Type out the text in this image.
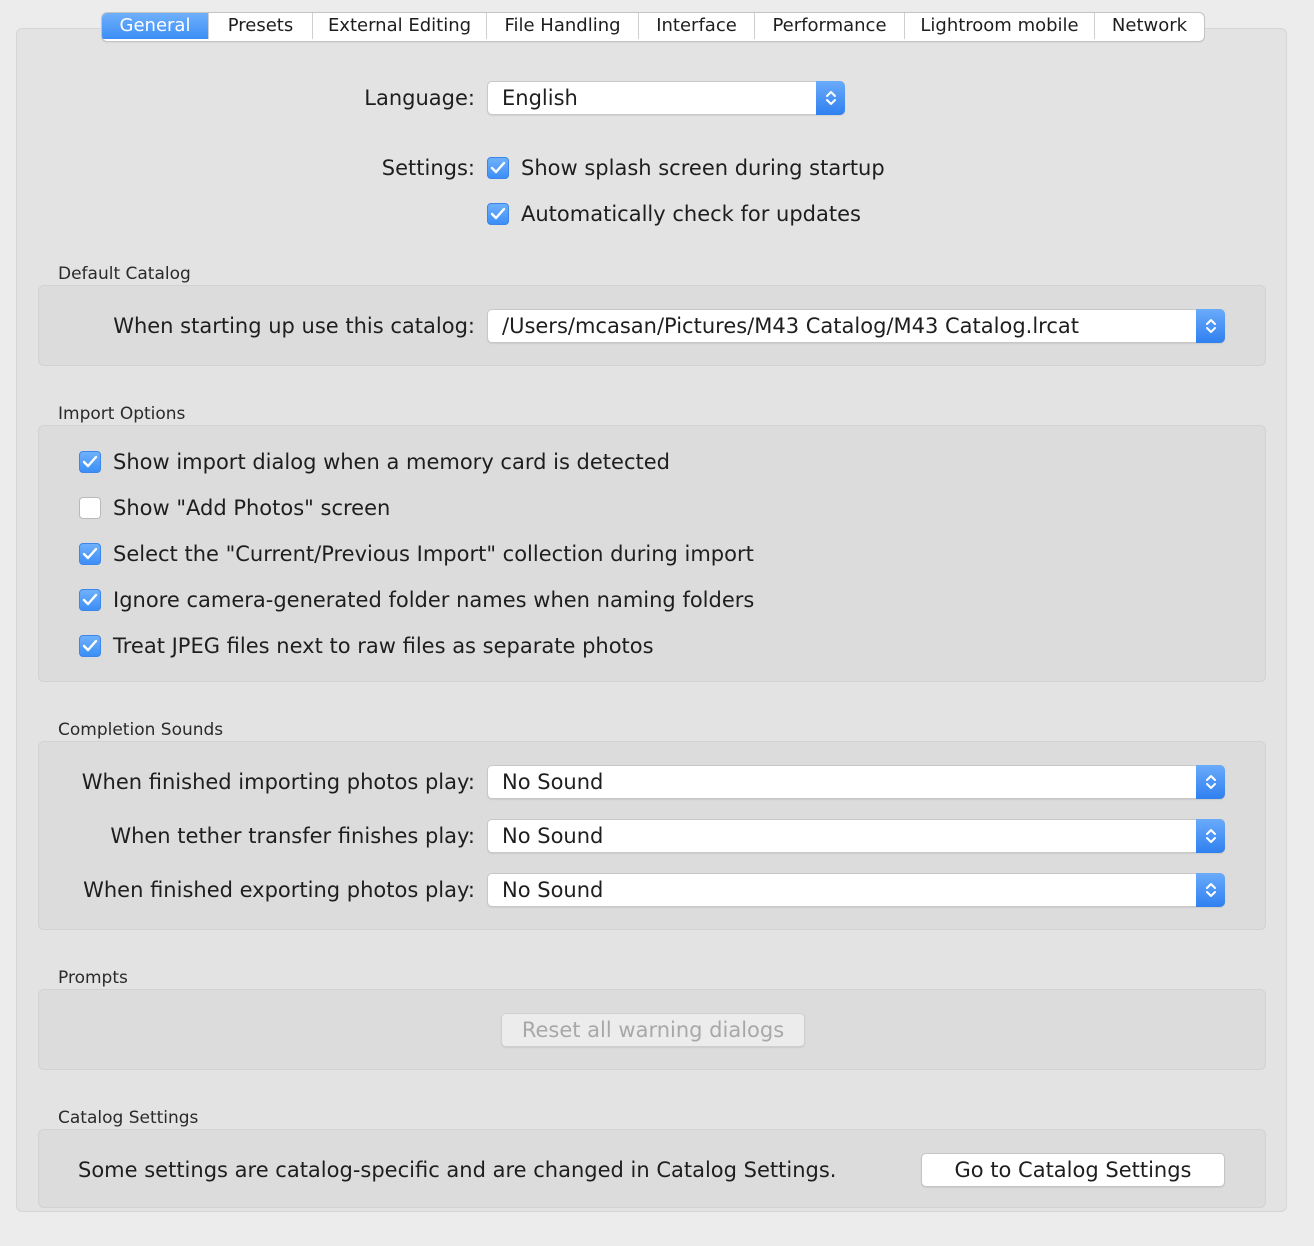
General	Presets	External Editing	File Handling	Interface	Performance	Lightroom mobile	Network
Language:	English
Settings: Show splash screen during startup
Automatically check for updates
Default Catalog
When starting up use this catalog:	/Users/mcasan/Pictures/M43 Catalog/M43 Catalog.lrcat
Import Options
Show import dialog when a memory card is detected
Show "Add Photos" screen
Select the "Current/Previous Import" collection during import
Ignore camera-generated folder names when naming folders
Treat JPEG files next to raw files as separate photos
Completion Sounds
When finished importing photos play:	No Sound
When tether transfer finishes play:	No Sound
When finished exporting photos play:	No Sound
Prompts
Reset all warning dialogs
Catalog Settings
Some settings are catalog-specific and are changed in Catalog Settings.	Go to Catalog Settings
